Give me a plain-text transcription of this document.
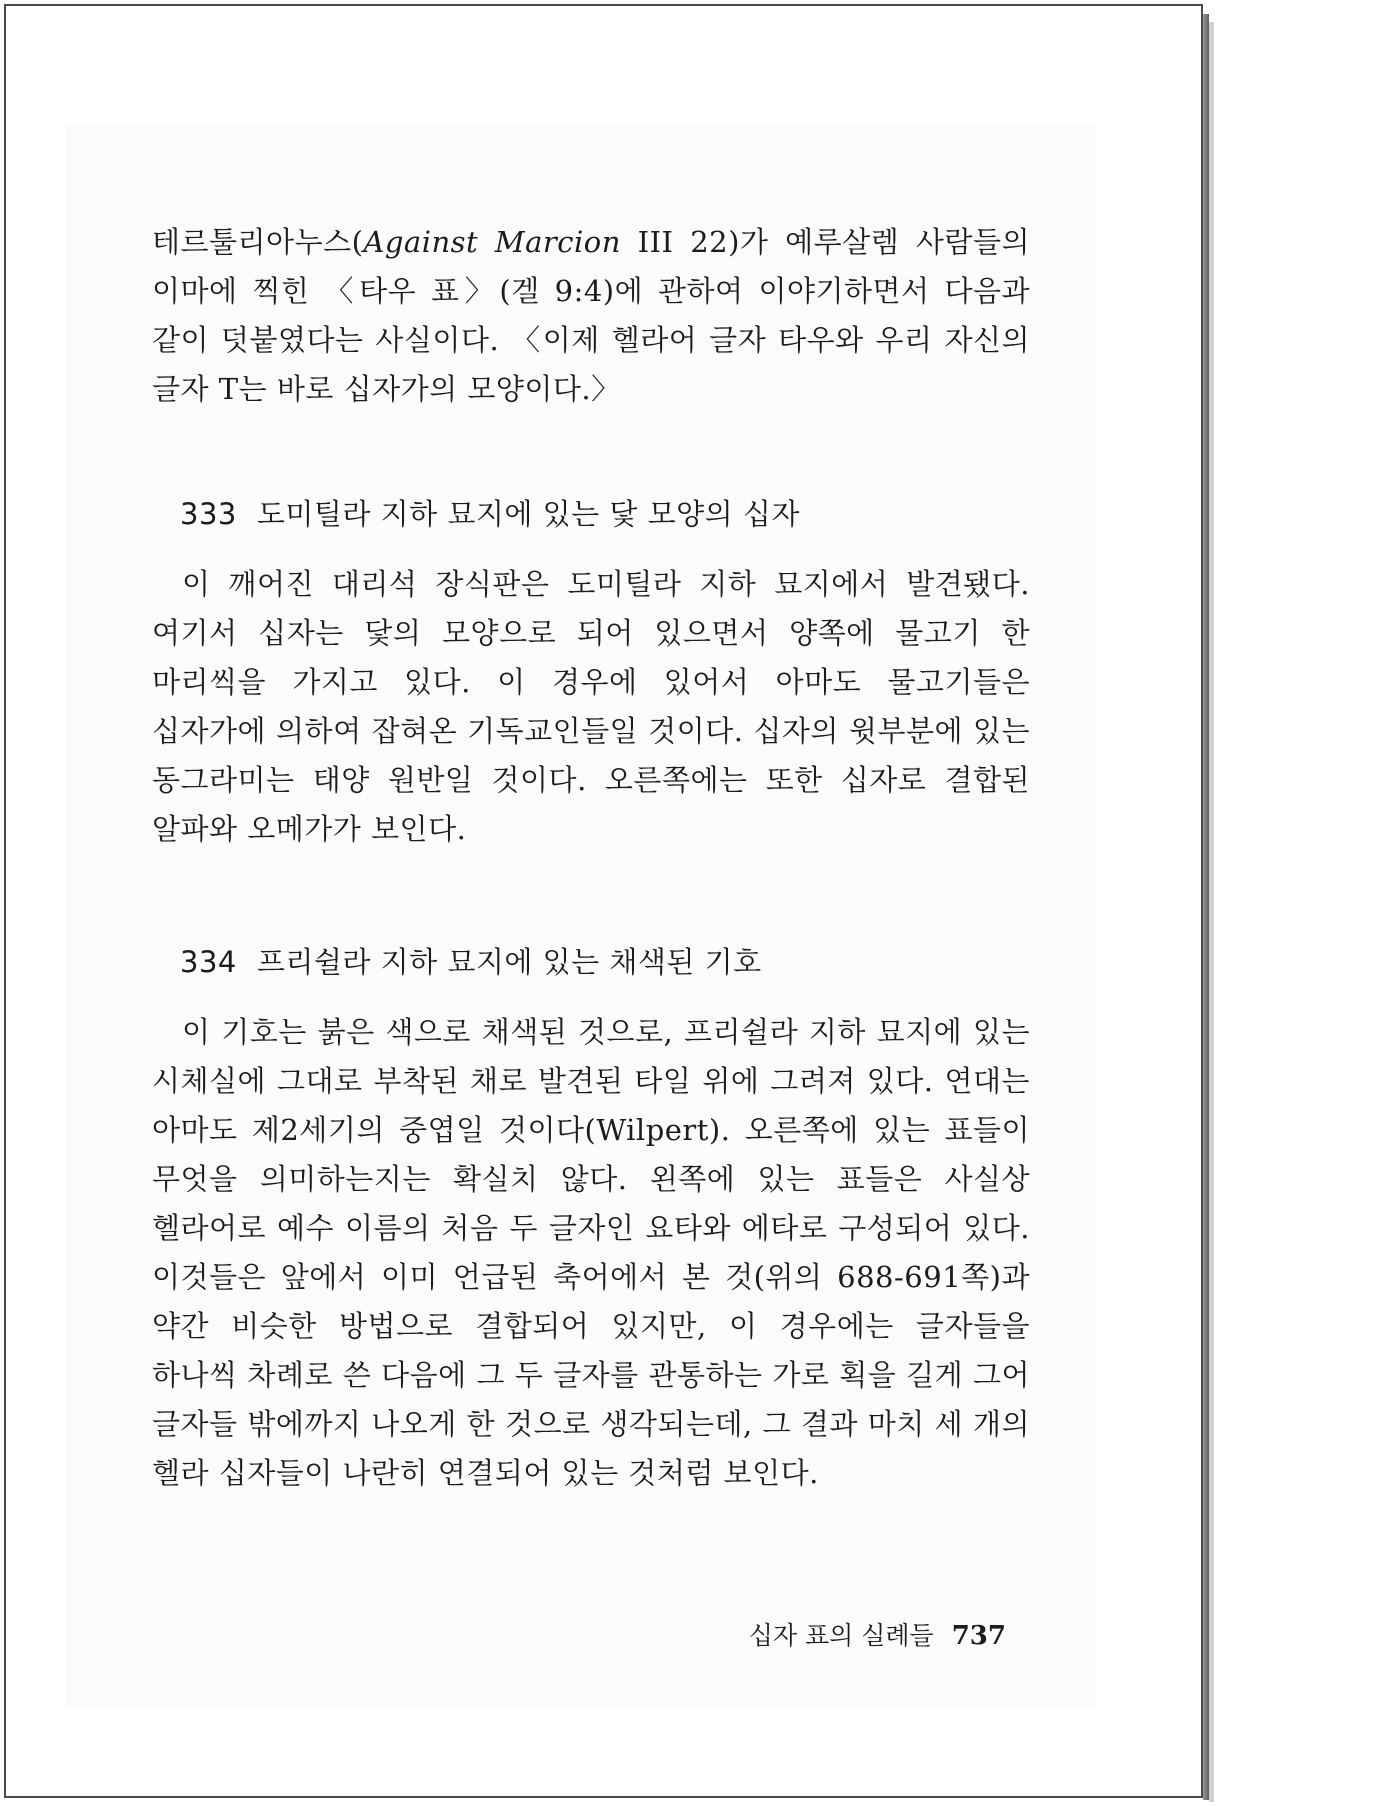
테르툴리아누스(Against Marcion III 22)가 예루살렘 사람들의 이마에 찍힌 〈타우 표〉(겔 9:4)에 관하여 이야기하면서 다음과 같이 덧붙였다는 사실이다. 〈이제 헬라어 글자 타우와 우리 자신의 글자 T는 바로 십자가의 모양이다.〉

333 도미틸라 지하 묘지에 있는 닻 모양의 십자

이 깨어진 대리석 장식판은 도미틸라 지하 묘지에서 발견됐다. 여기서 십자는 닻의 모양으로 되어 있으면서 양쪽에 물고기 한 마리씩을 가지고 있다. 이 경우에 있어서 아마도 물고기들은 십자가에 의하여 잡혀온 기독교인들일 것이다. 십자의 윗부분에 있는 동그라미는 태양 원반일 것이다. 오른쪽에는 또한 십자로 결합된 알파와 오메가가 보인다.

334 프리쉴라 지하 묘지에 있는 채색된 기호

이 기호는 붉은 색으로 채색된 것으로, 프리쉴라 지하 묘지에 있는 시체실에 그대로 부착된 채로 발견된 타일 위에 그려져 있다. 연대는 아마도 제2세기의 중엽일 것이다(Wilpert). 오른쪽에 있는 표들이 무엇을 의미하는지는 확실치 않다. 왼쪽에 있는 표들은 사실상 헬라어로 예수 이름의 처음 두 글자인 요타와 에타로 구성되어 있다. 이것들은 앞에서 이미 언급된 축어에서 본 것(위의 688-691쪽)과 약간 비슷한 방법으로 결합되어 있지만, 이 경우에는 글자들을 하나씩 차례로 쓴 다음에 그 두 글자를 관통하는 가로 획을 길게 그어 글자들 밖에까지 나오게 한 것으로 생각되는데, 그 결과 마치 세 개의 헬라 십자들이 나란히 연결되어 있는 것처럼 보인다.

십자 표의 실례들 737
